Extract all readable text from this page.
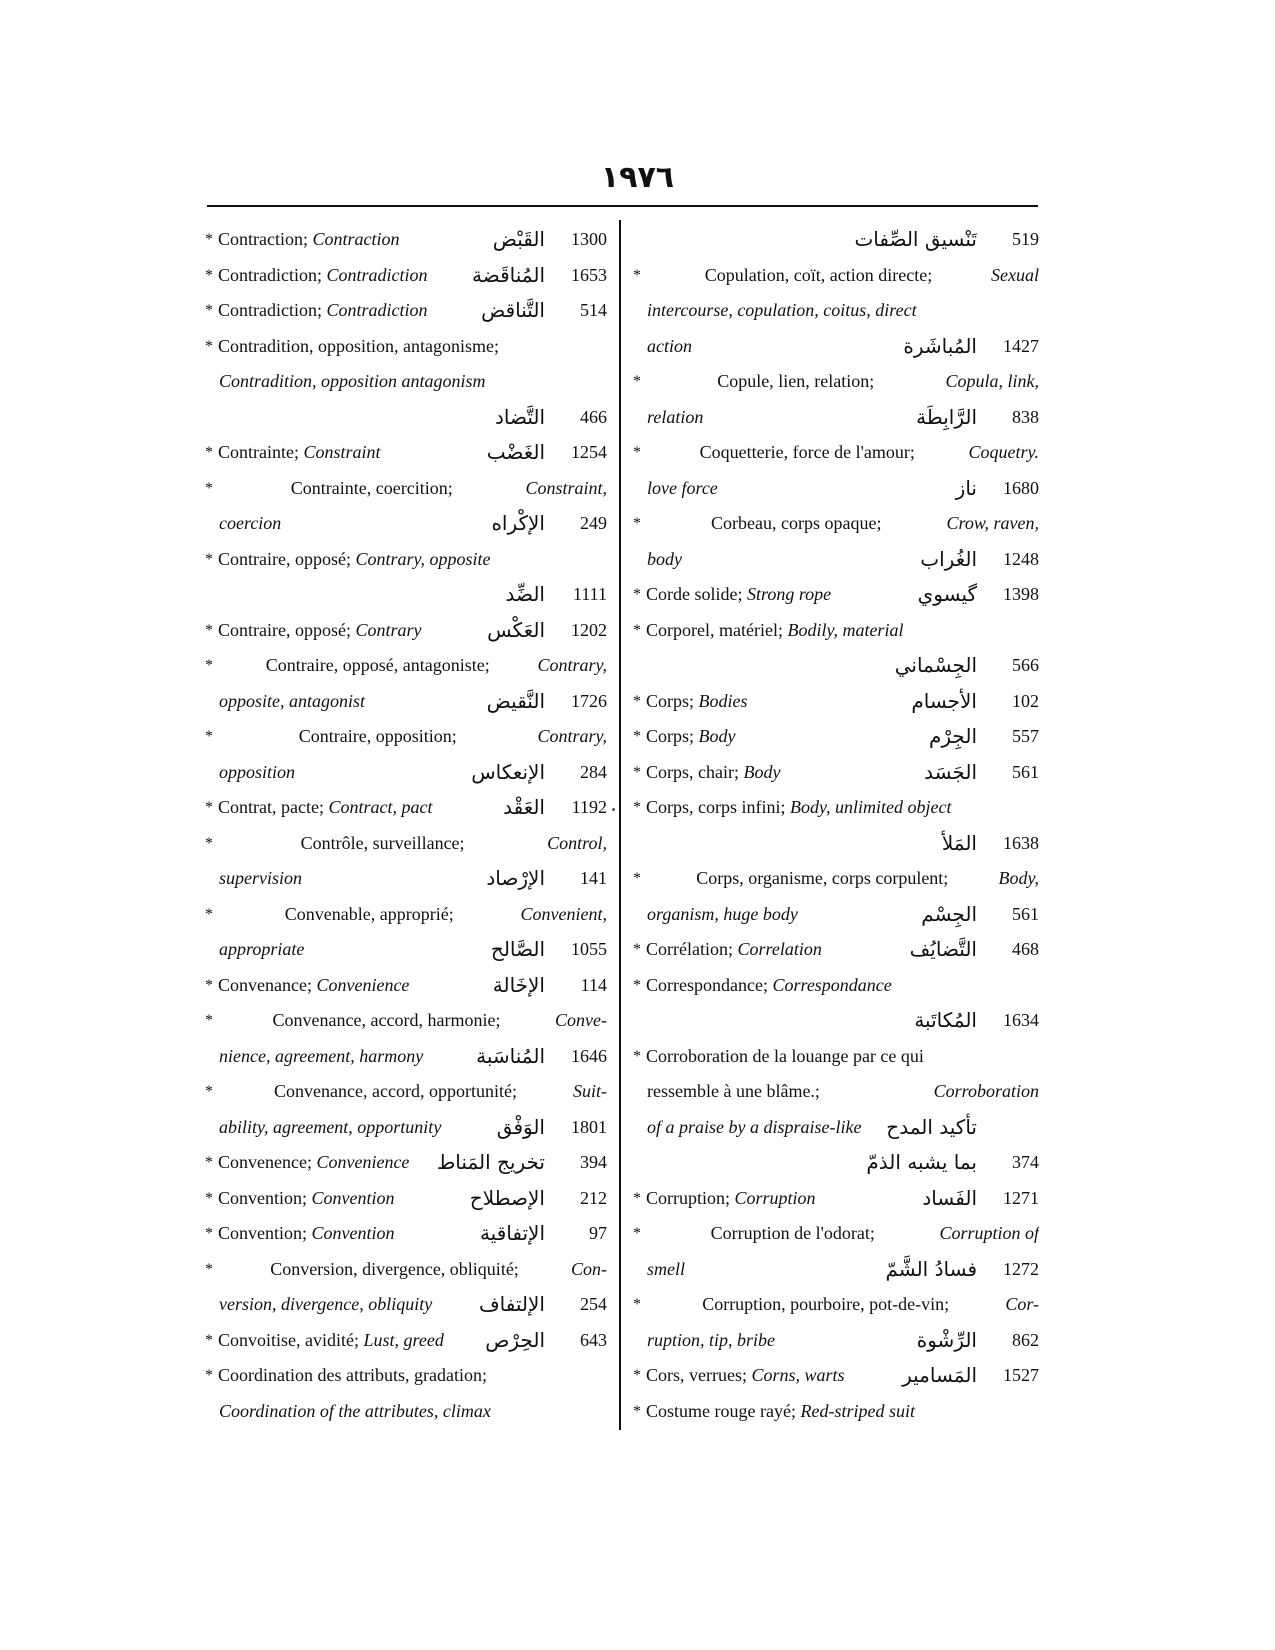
١٩٧٦
* Contraction; Contraction	القَبْض	1300
* Contradiction; Contradiction	المُناقَضة	1653
* Contradiction; Contradiction	التَّناقض	514
* Contradition, opposition, antagonisme;
Contradition, opposition antagonism
التَّضاد	466
* Contrainte; Constraint	الغَضْب	1254
*	Contrainte, coercition;	Constraint,
coercion	الإكْراه	249
* Contraire, opposé; Contrary, opposite
الضِّد	1111
* Contraire, opposé; Contrary	العَكْس	1202
*	Contraire, opposé, antagoniste;	Contrary,
opposite, antagonist	النَّقيض	1726
*	Contraire, opposition;	Contrary,
opposition	الإنعكاس	284
* Contrat, pacte; Contract, pact	العَقْد	1192
*	Contrôle, surveillance;	Control,
supervision	الإرْصاد	141
*	Convenable, approprié;	Convenient,
appropriate	الصَّالح	1055
* Convenance; Convenience	الإخَالة	114
*	Convenance, accord, harmonie;	Conve-
nience, agreement, harmony	المُناسَبة	1646
*	Convenance, accord, opportunité;	Suit-
ability, agreement, opportunity	الوَفْق	1801
* Convenence; Convenience	تخريج المَناط	394
* Convention; Convention	الإصطلاح	212
* Convention; Convention	الإتفاقية	97
*	Conversion, divergence, obliquité;	Con-
version, divergence, obliquity	الإلتفاف	254
* Convoitise, avidité; Lust, greed	الحِرْص	643
* Coordination des attributs, gradation;
Coordination of the attributes, climax
تَنْسيق الصِّفات	519
*	Copulation, coït, action directe;	Sexual
intercourse, copulation, coitus, direct
action	المُباشَرة	1427
*	Copule, lien, relation;	Copula, link,
relation	الرَّابِطَة	838
*	Coquetterie, force de l'amour;	Coquetry.
love force	ناز	1680
*	Corbeau, corps opaque;	Crow, raven,
body	الغُراب	1248
* Corde solide; Strong rope	گيسوي	1398
* Corporel, matériel; Bodily, material
الجِسْماني	566
* Corps; Bodies	الأجسام	102
* Corps; Body	الجِرْم	557
* Corps, chair; Body	الجَسَد	561
* Corps, corps infini; Body, unlimited object
المَلأ	1638
*	Corps, organisme, corps corpulent;	Body,
organism, huge body	الجِسْم	561
* Corrélation; Correlation	التَّضايُف	468
* Correspondance; Correspondance
المُكاتَبة	1634
* Corroboration de la louange par ce qui
ressemble à une blâme.;	Corroboration
of a praise by a dispraise-like	تأكيد المدح
بما يشبه الذمّ	374
* Corruption; Corruption	الفَساد	1271
*	Corruption de l'odorat;	Corruption of
smell	فسادُ الشَّمّ	1272
*	Corruption, pourboire, pot-de-vin;	Cor-
ruption, tip, bribe	الرِّشْوة	862
* Cors, verrues; Corns, warts	المَسامير	1527
* Costume rouge rayé; Red-striped suit
